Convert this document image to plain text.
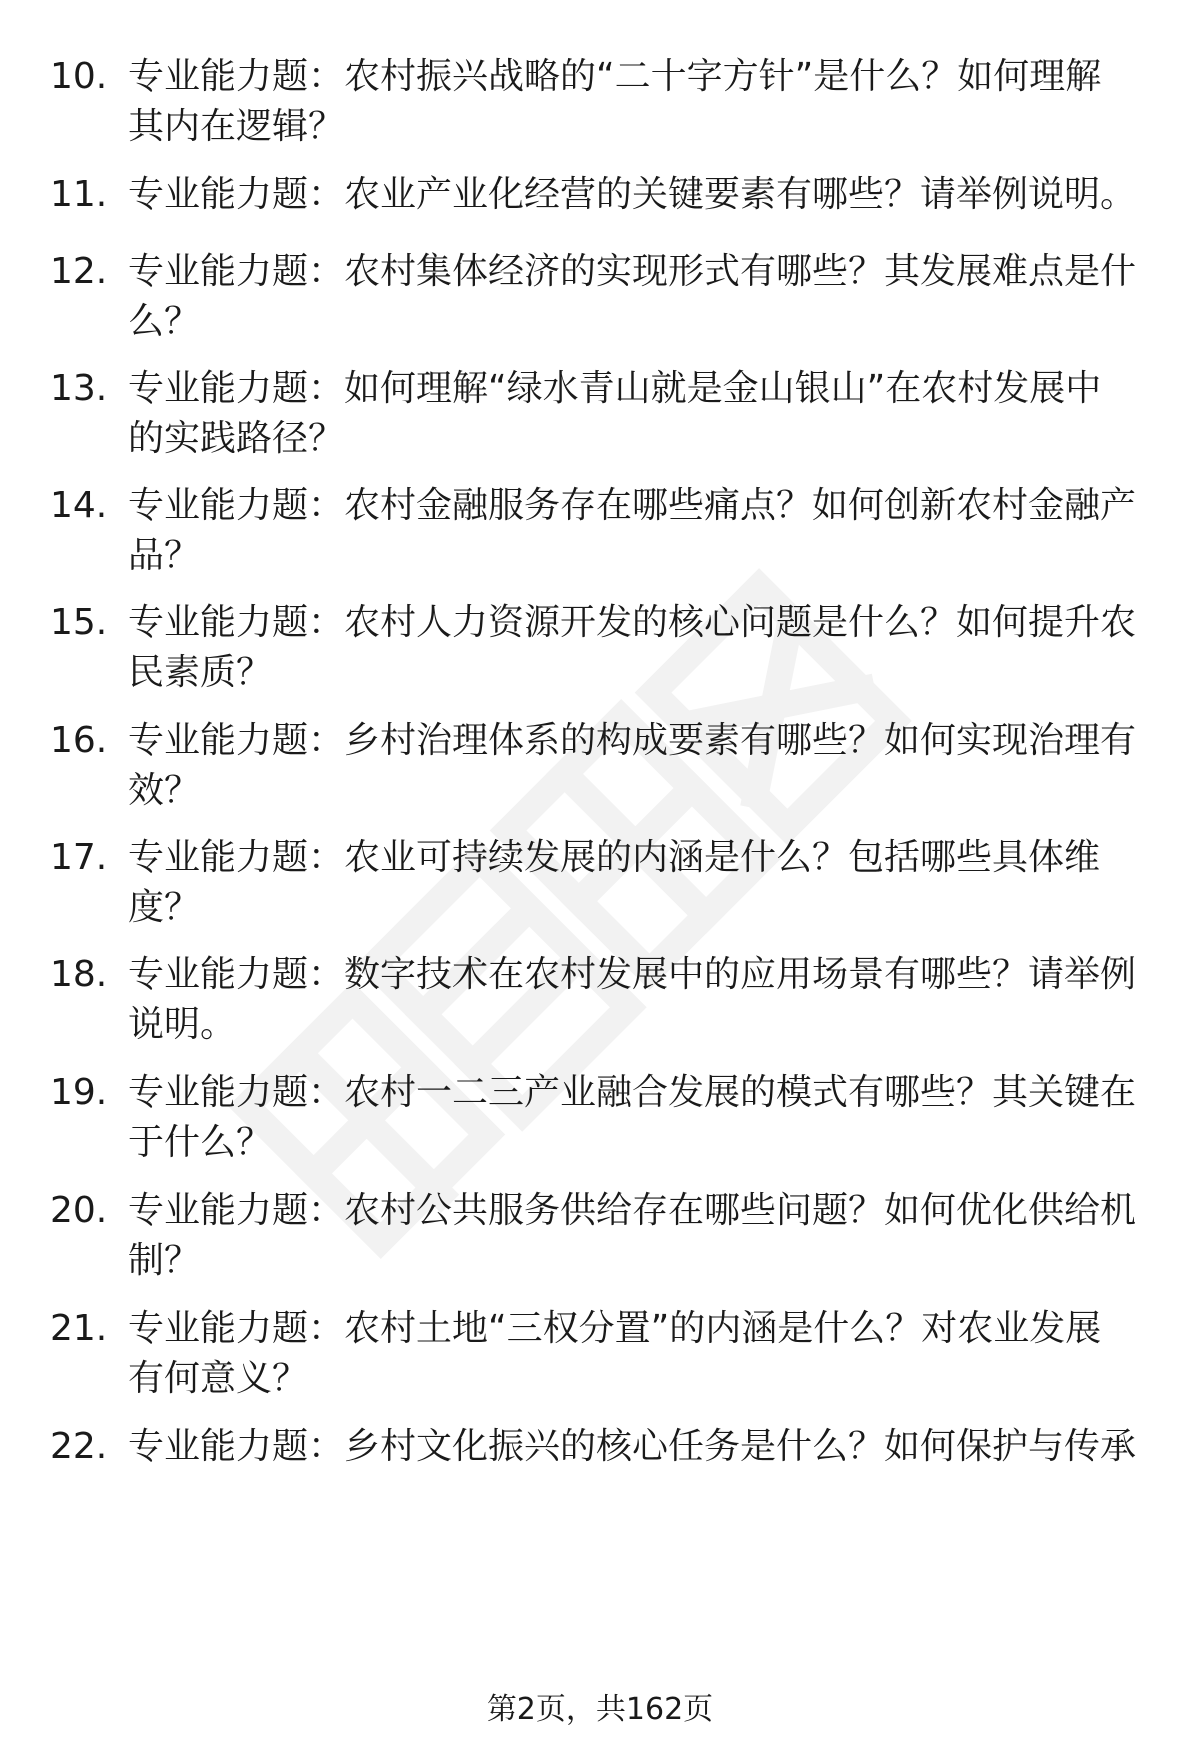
10. 专业能力题：农村振兴战略的“二十字方针”是什么？如何理解
其内在逻辑？
11. 专业能力题：农业产业化经营的关键要素有哪些？请举例说明。
12. 专业能力题：农村集体经济的实现形式有哪些？其发展难点是什
么？
13. 专业能力题：如何理解“绿水青山就是金山银山”在农村发展中
的实践路径？
14. 专业能力题：农村金融服务存在哪些痛点？如何创新农村金融产
品？
15. 专业能力题：农村人力资源开发的核心问题是什么？如何提升农
民素质？
16. 专业能力题：乡村治理体系的构成要素有哪些？如何实现治理有
效？
17. 专业能力题：农业可持续发展的内涵是什么？包括哪些具体维
度？
18. 专业能力题：数字技术在农村发展中的应用场景有哪些？请举例
说明。
19. 专业能力题：农村一二三产业融合发展的模式有哪些？其关键在
于什么？
20. 专业能力题：农村公共服务供给存在哪些问题？如何优化供给机
制？
21. 专业能力题：农村土地“三权分置”的内涵是什么？对农业发展
有何意义？
22. 专业能力题：乡村文化振兴的核心任务是什么？如何保护与传承
第2页，共162页
